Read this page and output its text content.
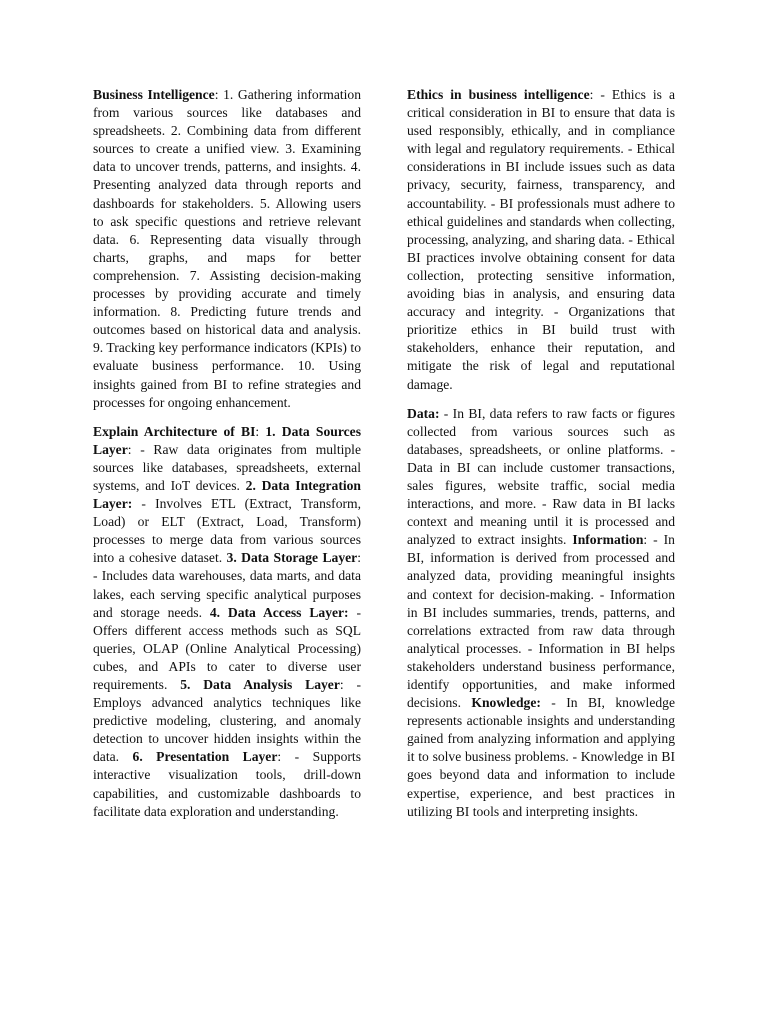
Business Intelligence: 1. Gathering information from various sources like databases and spreadsheets. 2. Combining data from different sources to create a unified view. 3. Examining data to uncover trends, patterns, and insights. 4. Presenting analyzed data through reports and dashboards for stakeholders. 5. Allowing users to ask specific questions and retrieve relevant data. 6. Representing data visually through charts, graphs, and maps for better comprehension. 7. Assisting decision-making processes by providing accurate and timely information. 8. Predicting future trends and outcomes based on historical data and analysis. 9. Tracking key performance indicators (KPIs) to evaluate business performance. 10. Using insights gained from BI to refine strategies and processes for ongoing enhancement.

Explain Architecture of BI: 1. Data Sources Layer: - Raw data originates from multiple sources like databases, spreadsheets, external systems, and IoT devices. 2. Data Integration Layer: - Involves ETL (Extract, Transform, Load) or ELT (Extract, Load, Transform) processes to merge data from various sources into a cohesive dataset. 3. Data Storage Layer: - Includes data warehouses, data marts, and data lakes, each serving specific analytical purposes and storage needs. 4. Data Access Layer: - Offers different access methods such as SQL queries, OLAP (Online Analytical Processing) cubes, and APIs to cater to diverse user requirements. 5. Data Analysis Layer: - Employs advanced analytics techniques like predictive modeling, clustering, and anomaly detection to uncover hidden insights within the data. 6. Presentation Layer: - Supports interactive visualization tools, drill-down capabilities, and customizable dashboards to facilitate data exploration and understanding.

Ethics in business intelligence: - Ethics is a critical consideration in BI to ensure that data is used responsibly, ethically, and in compliance with legal and regulatory requirements. - Ethical considerations in BI include issues such as data privacy, security, fairness, transparency, and accountability. - BI professionals must adhere to ethical guidelines and standards when collecting, processing, analyzing, and sharing data. - Ethical BI practices involve obtaining consent for data collection, protecting sensitive information, avoiding bias in analysis, and ensuring data accuracy and integrity. - Organizations that prioritize ethics in BI build trust with stakeholders, enhance their reputation, and mitigate the risk of legal and reputational damage.

Data: - In BI, data refers to raw facts or figures collected from various sources such as databases, spreadsheets, or online platforms. - Data in BI can include customer transactions, sales figures, website traffic, social media interactions, and more. - Raw data in BI lacks context and meaning until it is processed and analyzed to extract insights. Information: - In BI, information is derived from processed and analyzed data, providing meaningful insights and context for decision-making. - Information in BI includes summaries, trends, patterns, and correlations extracted from raw data through analytical processes. - Information in BI helps stakeholders understand business performance, identify opportunities, and make informed decisions. Knowledge: - In BI, knowledge represents actionable insights and understanding gained from analyzing information and applying it to solve business problems. - Knowledge in BI goes beyond data and information to include expertise, experience, and best practices in utilizing BI tools and interpreting insights.
